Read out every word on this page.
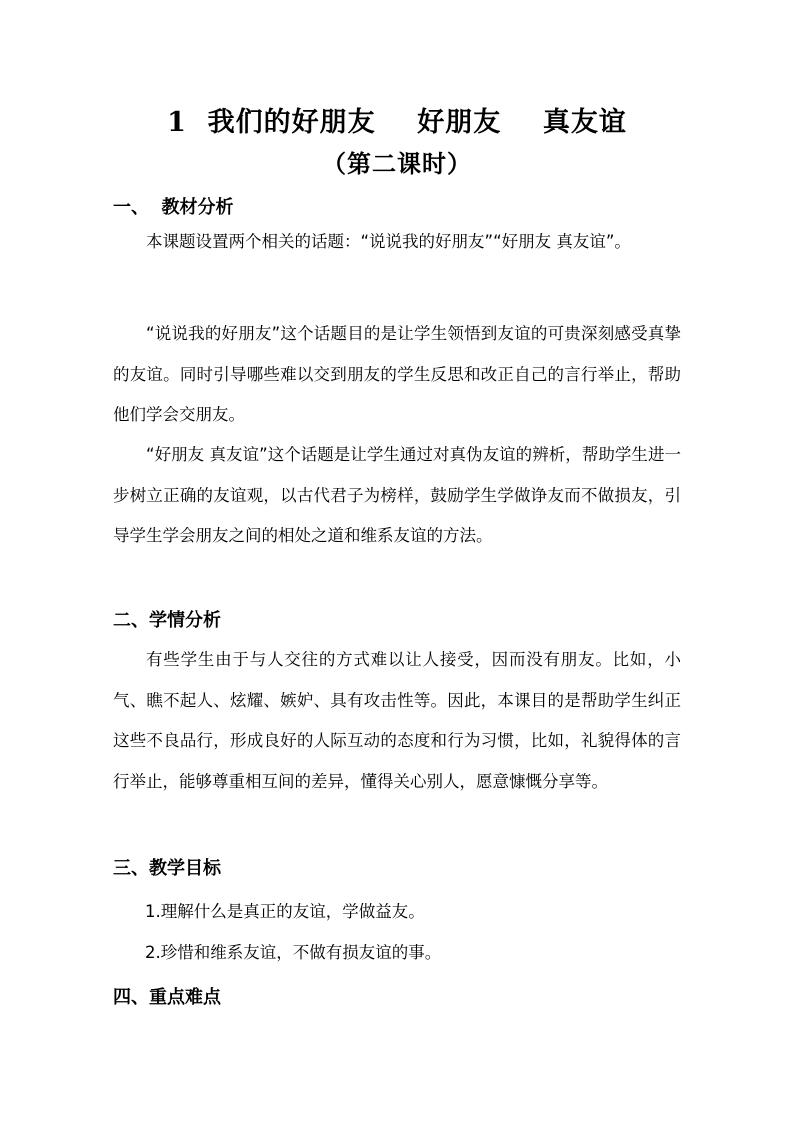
1  我们的好朋友    好朋友    真友谊
（第二课时）
一、  教材分析
本课题设置两个相关的话题：“说说我的好朋友”“好朋友 真友谊”。
“说说我的好朋友”这个话题目的是让学生领悟到友谊的可贵深刻感受真挚的友谊。同时引导哪些难以交到朋友的学生反思和改正自己的言行举止，帮助他们学会交朋友。
“好朋友 真友谊”这个话题是让学生通过对真伪友谊的辨析，帮助学生进一步树立正确的友谊观，以古代君子为榜样，鼓励学生学做诤友而不做损友，引导学生学会朋友之间的相处之道和维系友谊的方法。
二、学情分析
有些学生由于与人交往的方式难以让人接受，因而没有朋友。比如，小气、瞧不起人、炫耀、嫉妒、具有攻击性等。因此，本课目的是帮助学生纠正这些不良品行，形成良好的人际互动的态度和行为习惯，比如，礼貌得体的言行举止，能够尊重相互间的差异，懂得关心别人，愿意慷慨分享等。
三、教学目标
1.理解什么是真正的友谊，学做益友。
2.珍惜和维系友谊，不做有损友谊的事。
四、重点难点
